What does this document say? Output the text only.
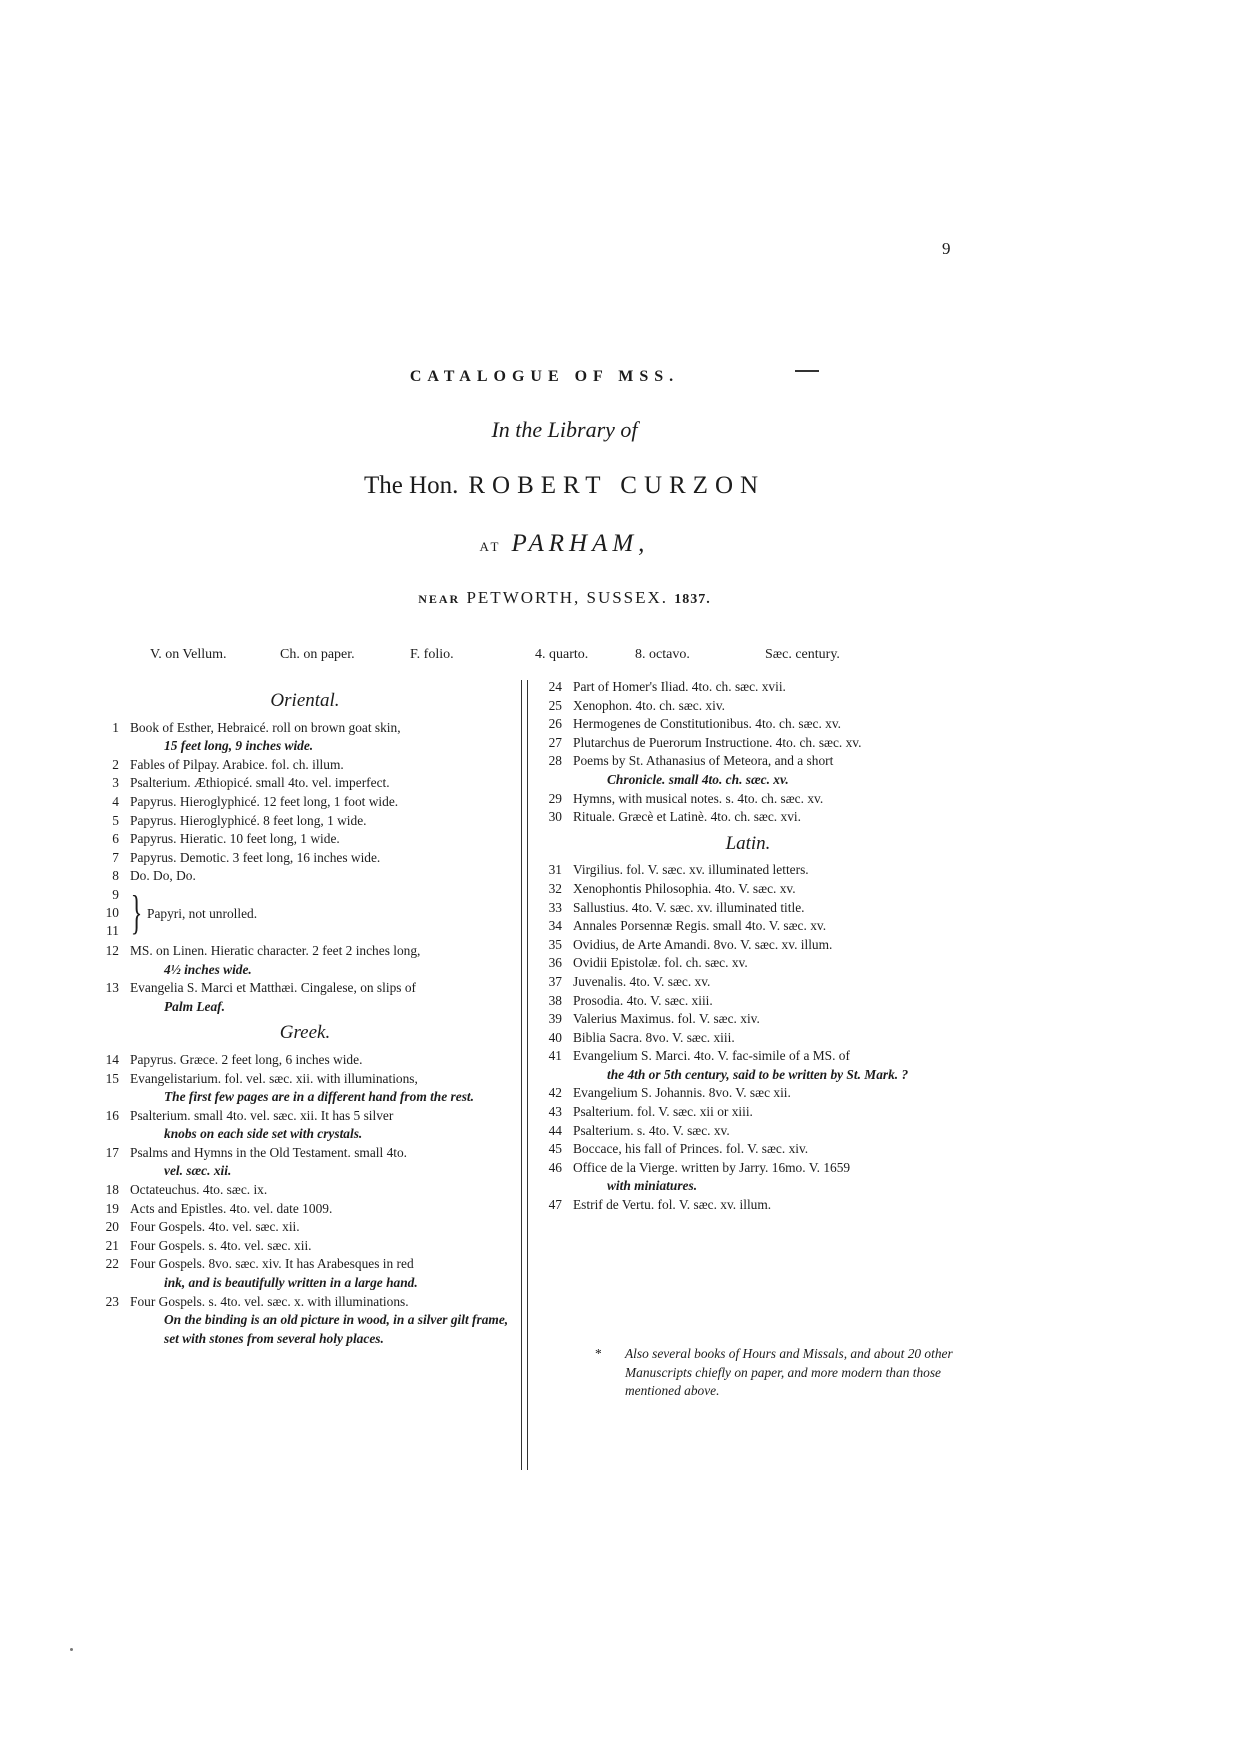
9
CATALOGUE OF MSS.
In the Library of
The Hon. ROBERT CURZON
AT PARHAM,
NEAR PETWORTH, SUSSEX. 1837.
V. on Vellum.	Ch. on paper.	F. folio.	4. quarto.	8. octavo.	Sæc. century.
Oriental.
1 Book of Esther, Hebraicé. roll on brown goat skin,
15 feet long, 9 inches wide.
2 Fables of Pilpay. Arabice. fol. ch. illum.
3 Psalterium. Æthiopicé. small 4to. vel. imperfect.
4 Papyrus. Hieroglyphicé. 12 feet long, 1 foot wide.
5 Papyrus. Hieroglyphicé. 8 feet long, 1 wide.
6 Papyrus. Hieratic. 10 feet long, 1 wide.
7 Papyrus. Demotic. 3 feet long, 16 inches wide.
8 Do. Do, Do.
9
10
11 } Papyri, not unrolled.
12 MS. on Linen. Hieratic character. 2 feet 2 inches long,
4½ inches wide.
13 Evangelia S. Marci et Matthæi. Cingalese, on slips of
Palm Leaf.
Greek.
14 Papyrus. Græce. 2 feet long, 6 inches wide.
15 Evangelistarium. fol. vel. sæc. xii. with illuminations,
The first few pages are in a different hand from the rest.
16 Psalterium. small 4to. vel. sæc. xii. It has 5 silver
knobs on each side set with crystals.
17 Psalms and Hymns in the Old Testament. small 4to.
vel. sæc. xii.
18 Octateuchus. 4to. sæc. ix.
19 Acts and Epistles. 4to. vel. date 1009.
20 Four Gospels. 4to. vel. sæc. xii.
21 Four Gospels. s. 4to. vel. sæc. xii.
22 Four Gospels. 8vo. sæc. xiv. It has Arabesques in red
ink, and is beautifully written in a large hand.
23 Four Gospels. s. 4to. vel. sæc. x. with illuminations.
On the binding is an old picture in wood, in a silver gilt frame, set with stones from several holy places.
24 Part of Homer's Iliad. 4to. ch. sæc. xvii.
25 Xenophon. 4to. ch. sæc. xiv.
26 Hermogenes de Constitutionibus. 4to. ch. sæc. xv.
27 Plutarchus de Puerorum Instructione. 4to. ch. sæc. xv.
28 Poems by St. Athanasius of Meteora, and a short
Chronicle. small 4to. ch. sæc. xv.
29 Hymns, with musical notes. s. 4to. ch. sæc. xv.
30 Rituale. Græcè et Latinè. 4to. ch. sæc. xvi.
Latin.
31 Virgilius. fol. V. sæc. xv. illuminated letters.
32 Xenophontis Philosophia. 4to. V. sæc. xv.
33 Sallustius. 4to. V. sæc. xv. illuminated title.
34 Annales Porsennæ Regis. small 4to. V. sæc. xv.
35 Ovidius, de Arte Amandi. 8vo. V. sæc. xv. illum.
36 Ovidii Epistolæ. fol. ch. sæc. xv.
37 Juvenalis. 4to. V. sæc. xv.
38 Prosodia. 4to. V. sæc. xiii.
39 Valerius Maximus. fol. V. sæc. xiv.
40 Biblia Sacra. 8vo. V. sæc. xiii.
41 Evangelium S. Marci. 4to. V. fac-simile of a MS. of
the 4th or 5th century, said to be written by St. Mark. ?
42 Evangelium S. Johannis. 8vo. V. sæc xii.
43 Psalterium. fol. V. sæc. xii or xiii.
44 Psalterium. s. 4to. V. sæc. xv.
45 Boccace, his fall of Princes. fol. V. sæc. xiv.
46 Office de la Vierge. written by Jarry. 16mo. V. 1659
with miniatures.
47 Estrif de Vertu. fol. V. sæc. xv. illum.
* Also several books of Hours and Missals, and about 20 other Manuscripts chiefly on paper, and more modern than those mentioned above.
